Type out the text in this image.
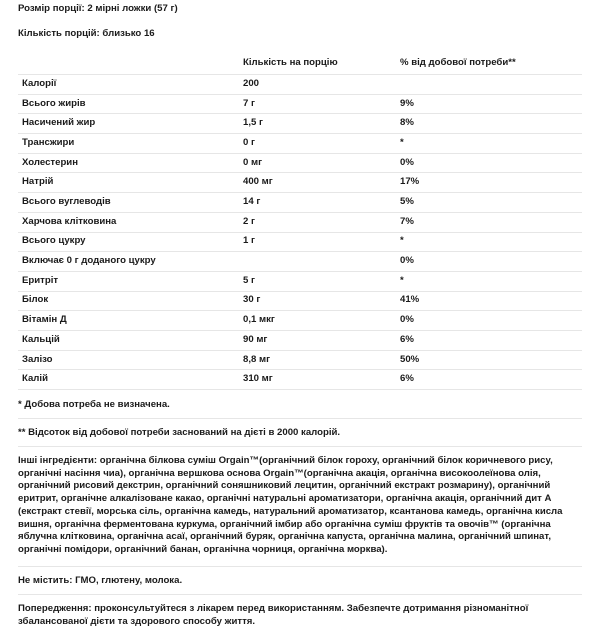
Розмір порції: 2 мірні ложки (57 г)

Кількість порцій: близько 16

	Кількість на порцію	% від добової потреби**
Калорії	200	
Всього жирів	7 г	9%
Насичений жир	1,5 г	8%
Трансжири	0 г	*
Холестерин	0 мг	0%
Натрій	400 мг	17%
Всього вуглеводів	14 г	5%
Харчова клітковина	2 г	7%
Всього цукру	1 г	*
Включає 0 г доданого цукру		0%
Еритріт	5 г	*
Білок	30 г	41%
Вітамін Д	0,1 мкг	0%
Кальцій	90 мг	6%
Залізо	8,8 мг	50%
Калій	310 мг	6%

* Добова потреба не визначена.

** Відсоток від добової потреби заснований на дієті в 2000 калорій.

Інші інгредієнти: органічна білкова суміш Orgain™(органічний білок гороху, органічний білок коричневого рису, органічні насіння чиа), органічна вершкова основа Orgain™(органічна акація, органічна високоолеїнова олія, органічний рисовий декстрин, органічний соняшниковий лецитин, органічний екстракт розмарину), органічний еритрит, органічне алкалізоване какао, органічні натуральні ароматизатори, органічна акація, органічний дит А (екстракт стевії, морська сіль, органічна камедь, натуральний ароматизатор, ксантанова камедь, органічна кисла вишня, органічна ферментована куркума, органічний імбир або органічна суміш фруктів та овочів™ (органічна яблучна клітковина, органічна асаї, органічний буряк, органічна капуста, органічна малина, органічний шпинат, органічні помідори, органічний банан, органічна чорниця, органічна морква).

Не містить: ГМО, глютену, молока.

Попередження: проконсультуйтеся з лікарем перед використанням. Забезпечте дотримання різноманітної збалансованої дієти та здорового способу життя.
